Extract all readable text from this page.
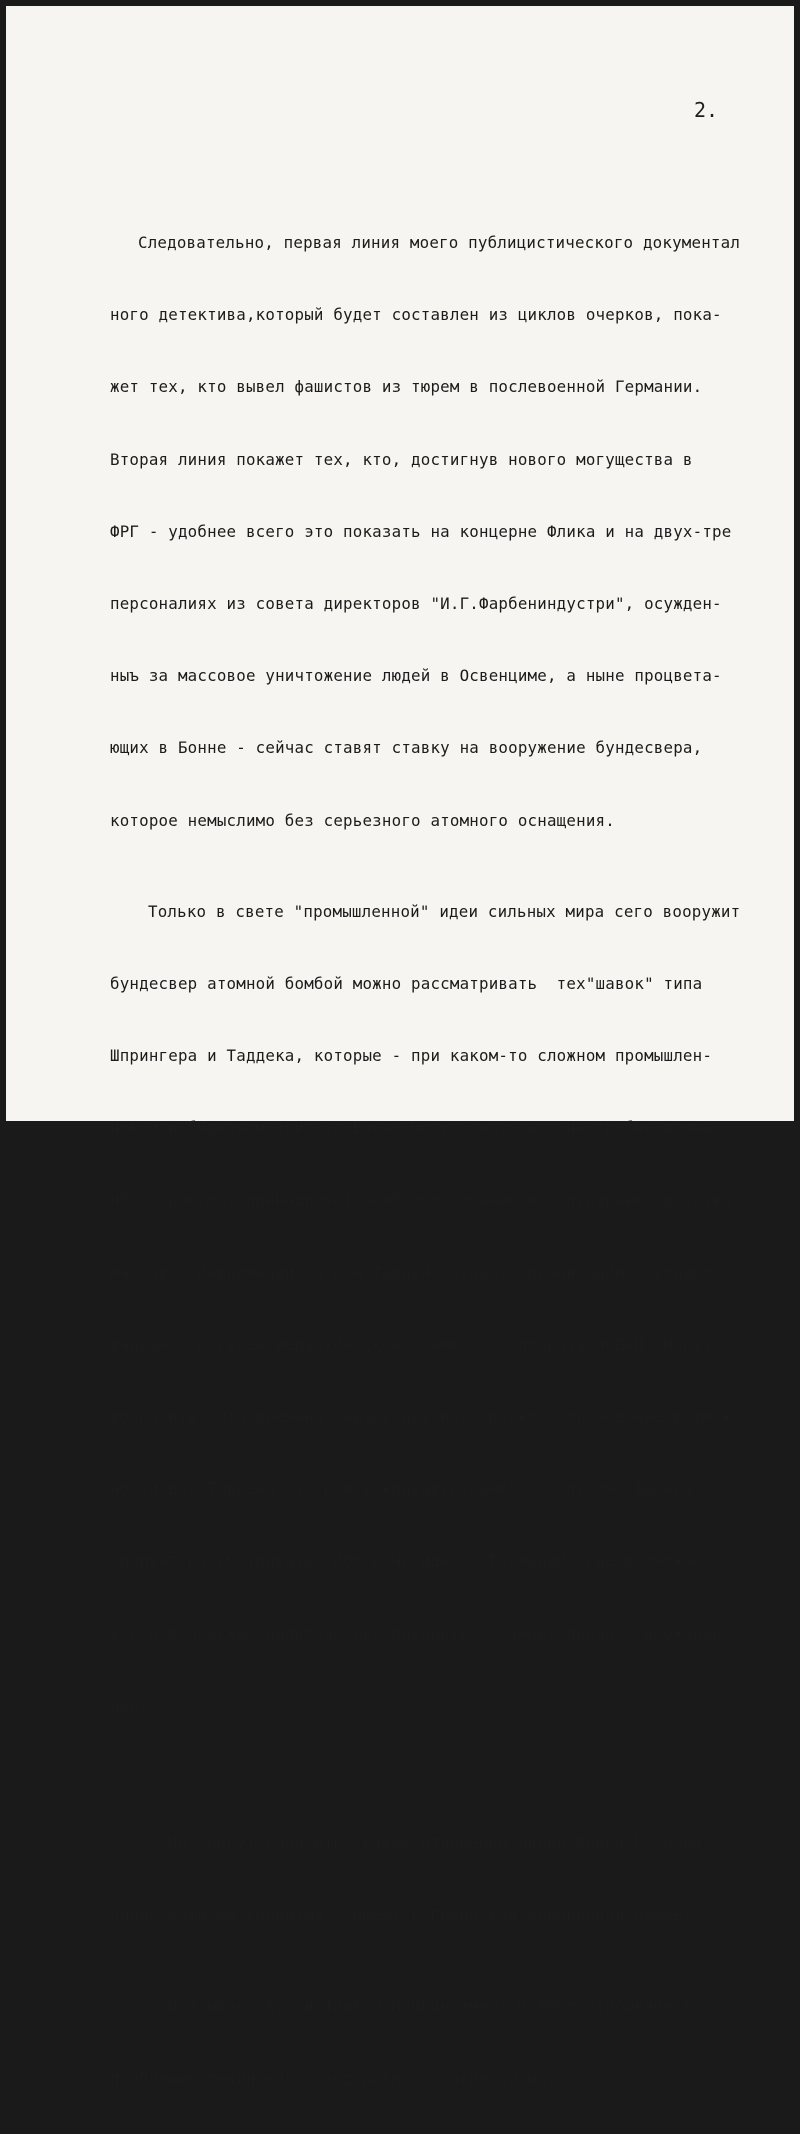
2.

Следовательно, первая линия моего публицистического документал

ного детектива,который будет составлен из циклов очерков, пока-

жет тех, кто вывел фашистов из тюрем в послевоенной Германии.

Вторая линия покажет тех, кто, достигнув нового могущества в

ФРГ - удобнее всего это показать на концерне Флика и на двух-тре

персоналиях из совета директоров "И.Г.Фарбениндустри", осужден-

ныъ за массовое уничтожение людей в Освенциме, а ныне процвета-

ющих в Бонне - сейчас ставят ставку на вооружение бундесвера,

которое немыслимо без серьезного атомного оснащения.

Только в свете "промышленной" идеи сильных мира сего вооружит

бундесвер атомной бомбой можно рассматривать  тех"шавок" типа

Шпрингера и Таддека, которые - при каком-то сложном промышлен-

ном или биржевом кризе в Бонне могут оказаться на гребне волны,

ибо Шпрингеру принадлежат наиболее сильные и популярные средства

массовой информации, а фон Тадден создает организацию, скопиро-

ванную - в своей иерархической схеме - с аппарата НСДАП. Могут

возразить, что времена сейчас другие, однако, соотношение возмож

ности для Таддена "устроить кровавую баню" с "опусом" фюрера

следует рассматривать, ибо речь идет о Германии, где возможны

все и всяческие политические повороты - самые, подчас, неожидан-

ные.

Но, могут спросить, какое отношение линия Флика-Меллона,

линия фашизма-сионизма - имеет к пекинской водородной бомбе?

Оказывается,  и Флик и Меллон имеют прямое отношение к

проблемме пекинского "водородного" агрессизма.
